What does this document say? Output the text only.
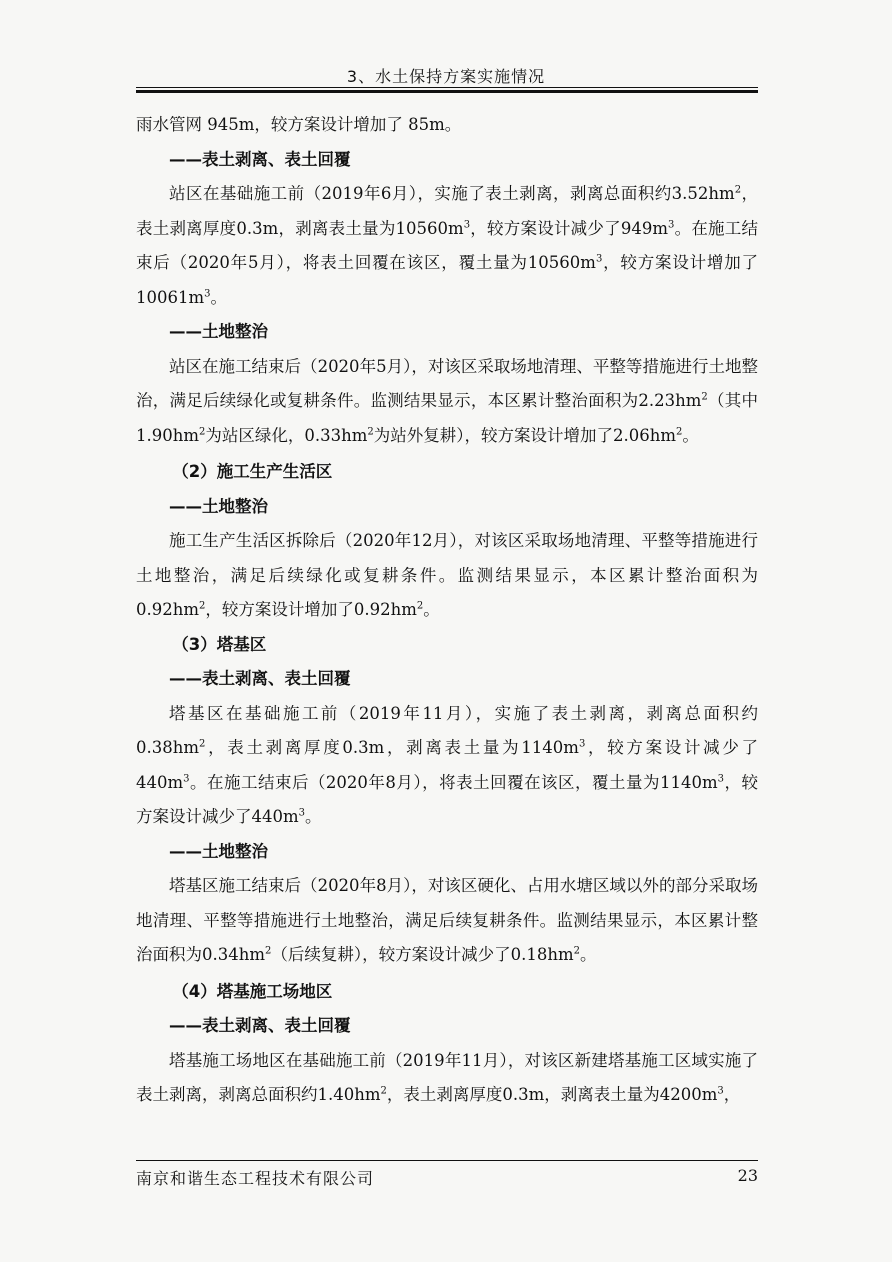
3、水土保持方案实施情况

雨水管网 945m，较方案设计增加了 85m。

——表土剥离、表土回覆

站区在基础施工前（2019年6月），实施了表土剥离，剥离总面积约$3.52hm^2$，表土剥离厚度0.3m，剥离表土量为$10560m^3$，较方案设计减少了$949m^3$。在施工结束后（2020年5月），将表土回覆在该区，覆土量为$10560m^3$，较方案设计增加了$10061m^3$。

——土地整治

站区在施工结束后（2020年5月），对该区采取场地清理、平整等措施进行土地整治，满足后续绿化或复耕条件。监测结果显示，本区累计整治面积为$2.23hm^2$（其中$1.90hm^2$为站区绿化，$0.33hm^2$为站外复耕），较方案设计增加了$2.06hm^2$。

（2）施工生产生活区

——土地整治

施工生产生活区拆除后（2020年12月），对该区采取场地清理、平整等措施进行土地整治，满足后续绿化或复耕条件。监测结果显示，本区累计整治面积为$0.92hm^2$，较方案设计增加了$0.92hm^2$。

（3）塔基区

——表土剥离、表土回覆

塔基区在基础施工前（2019年11月），实施了表土剥离，剥离总面积约$0.38hm^2$，表土剥离厚度0.3m，剥离表土量为$1140m^3$，较方案设计减少了$440m^3$。在施工结束后（2020年8月），将表土回覆在该区，覆土量为$1140m^3$，较方案设计减少了$440m^3$。

——土地整治

塔基区施工结束后（2020年8月），对该区硬化、占用水塘区域以外的部分采取场地清理、平整等措施进行土地整治，满足后续复耕条件。监测结果显示，本区累计整治面积为$0.34hm^2$（后续复耕），较方案设计减少了$0.18hm^2$。

（4）塔基施工场地区

——表土剥离、表土回覆

塔基施工场地区在基础施工前（2019年11月），对该区新建塔基施工区域实施了表土剥离，剥离总面积约$1.40hm^2$，表土剥离厚度0.3m，剥离表土量为$4200m^3$，

南京和谐生态工程技术有限公司	23
